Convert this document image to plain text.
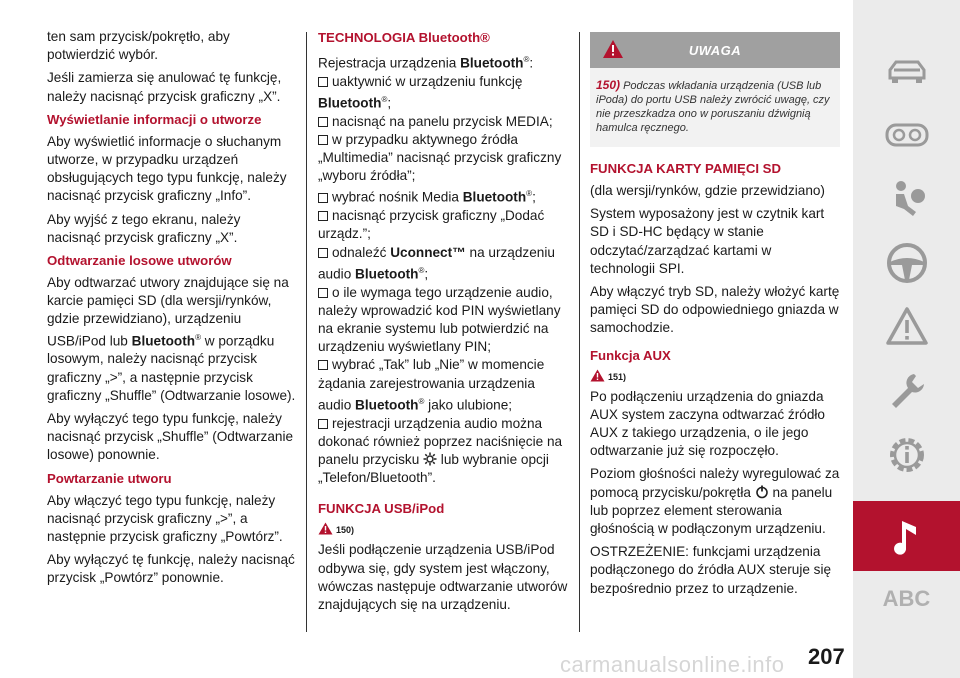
ten sam przycisk/pokrętło, aby potwierdzić wybór.

Jeśli zamierza się anulować tę funkcję, należy nacisnąć przycisk graficzny „X”.

Wyświetlanie informacji o utworze

Aby wyświetlić informacje o słuchanym utworze, w przypadku urządzeń obsługujących tego typu funkcję, należy nacisnąć przycisk graficzny „Info”.

Aby wyjść z tego ekranu, należy nacisnąć przycisk graficzny „X”.

Odtwarzanie losowe utworów

Aby odtwarzać utwory znajdujące się na karcie pamięci SD (dla wersji/rynków, gdzie przewidziano), urządzeniu USB/iPod lub Bluetooth® w porządku losowym, należy nacisnąć przycisk graficzny „>”, a następnie przycisk graficzny „Shuffle” (Odtwarzanie losowe).

Aby wyłączyć tego typu funkcję, należy nacisnąć przycisk „Shuffle” (Odtwarzanie losowe) ponownie.

Powtarzanie utworu

Aby włączyć tego typu funkcję, należy nacisnąć przycisk graficzny „>”, a następnie przycisk graficzny „Powtórz”.

Aby wyłączyć tę funkcję, należy nacisnąć przycisk „Powtórz” ponownie.

TECHNOLOGIA Bluetooth®

Rejestracja urządzenia Bluetooth®:

uaktywnić w urządzeniu funkcję Bluetooth®;

nacisnąć na panelu przycisk MEDIA;

w przypadku aktywnego źródła „Multimedia” nacisnąć przycisk graficzny „wyboru źródła”;

wybrać nośnik Media Bluetooth®;

nacisnąć przycisk graficzny „Dodać urządz.”;

odnaleźć Uconnect™ na urządzeniu audio Bluetooth®;

o ile wymaga tego urządzenie audio, należy wprowadzić kod PIN wyświetlany na ekranie systemu lub potwierdzić na urządzeniu wyświetlany PIN;

wybrać „Tak” lub „Nie” w momencie żądania zarejestrowania urządzenia audio Bluetooth® jako ulubione;

rejestracji urządzenia audio można dokonać również poprzez naciśnięcie na panelu przycisku  lub wybranie opcji „Telefon/Bluetooth”.

FUNKCJA USB/iPod
150)

Jeśli podłączenie urządzenia USB/iPod odbywa się, gdy system jest włączony, wówczas następuje odtwarzanie utworów znajdujących się na urządzeniu.

UWAGA
150) Podczas wkładania urządzenia (USB lub iPoda) do portu USB należy zwrócić uwagę, czy nie przeszkadza ono w poruszaniu dźwignią hamulca ręcznego.
FUNKCJA KARTY PAMIĘCI SD

(dla wersji/rynków, gdzie przewidziano)

System wyposażony jest w czytnik kart SD i SD-HC będący w stanie odczytać/zarządzać kartami w technologii SPI.

Aby włączyć tryb SD, należy włożyć kartę pamięci SD do odpowiedniego gniazda w samochodzie.

Funkcja AUX
151)

Po podłączeniu urządzenia do gniazda AUX system zaczyna odtwarzać źródło AUX z takiego urządzenia, o ile jego odtwarzanie już się rozpoczęło.

Poziom głośności należy wyregulować za pomocą przycisku/pokrętła  na panelu lub poprzez element sterowania głośnością w podłączonym urządzeniu.

OSTRZEŻENIE: funkcjami urządzenia podłączonego do źródła AUX steruje się bezpośrednio przez to urządzenie.	ABC
carmanualsonline.info 207
